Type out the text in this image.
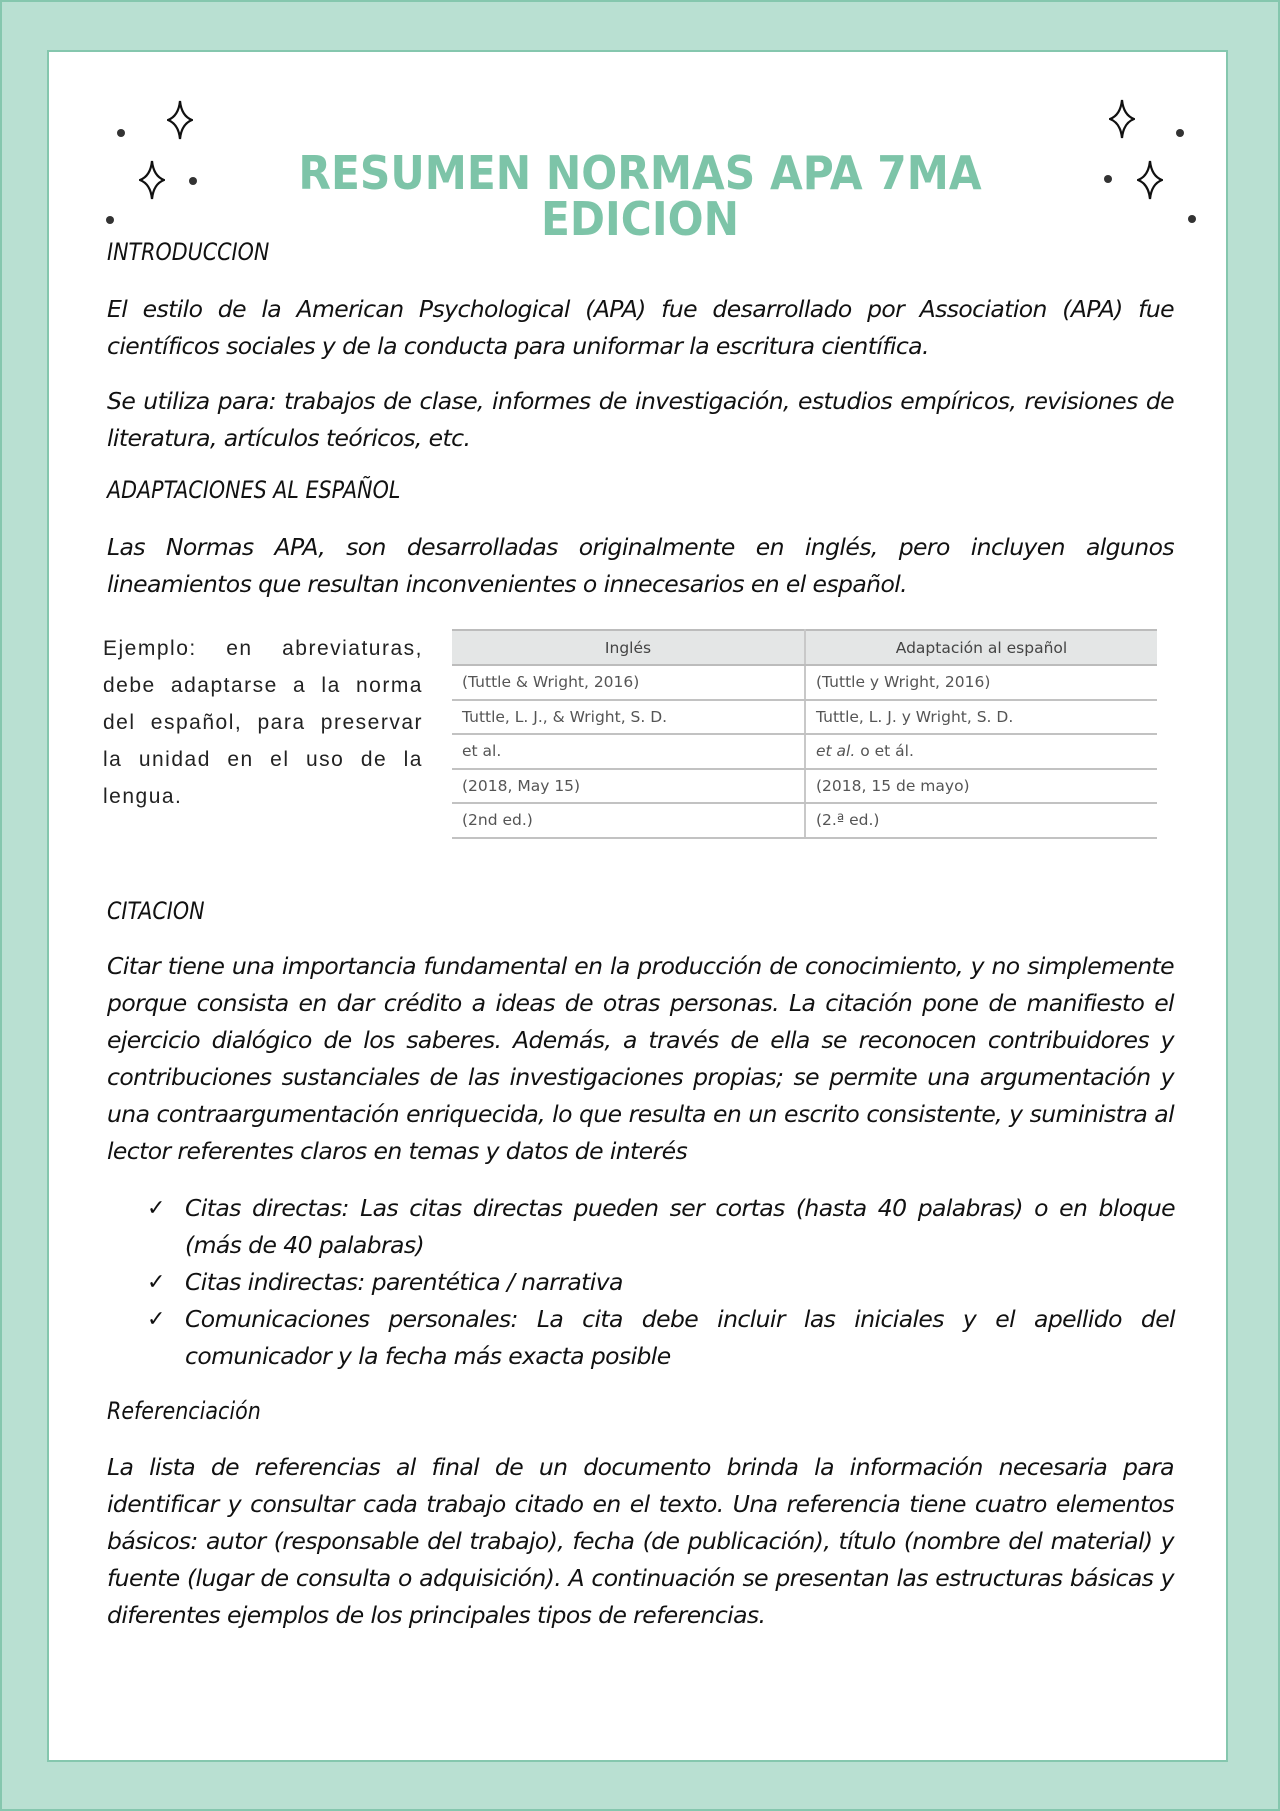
RESUMEN NORMAS APA 7MA EDICION
INTRODUCCION

El estilo de la American Psychological (APA) fue desarrollado por Association (APA) fue científicos sociales y de la conducta para uniformar la escritura científica.

Se utiliza para: trabajos de clase, informes de investigación, estudios empíricos, revisiones de literatura, artículos teóricos, etc.

ADAPTACIONES AL ESPAÑOL

Las Normas APA, son desarrolladas originalmente en inglés, pero incluyen algunos lineamientos que resultan inconvenientes o innecesarios en el español.

Ejemplo: en abreviaturas, debe adaptarse a la norma del español, para preservar la unidad en el uso de la lengua.

Inglés	Adaptación al español
(Tuttle & Wright, 2016)	(Tuttle y Wright, 2016)
Tuttle, L. J., & Wright, S. D.	Tuttle, L. J. y Wright, S. D.
et al.	et al. o et ál.
(2018, May 15)	(2018, 15 de mayo)
(2nd ed.)	(2.ª ed.)
CITACION

Citar tiene una importancia fundamental en la producción de conocimiento, y no simplemente porque consista en dar crédito a ideas de otras personas. La citación pone de manifiesto el ejercicio dialógico de los saberes. Además, a través de ella se reconocen contribuidores y contribuciones sustanciales de las investigaciones propias; se permite una argumentación y una contraargumentación enriquecida, lo que resulta en un escrito consistente, y suministra al lector referentes claros en temas y datos de interés

✓ Citas directas: Las citas directas pueden ser cortas (hasta 40 palabras) o en bloque (más de 40 palabras)
✓ Citas indirectas: parentética / narrativa
✓ Comunicaciones personales: La cita debe incluir las iniciales y el apellido del comunicador y la fecha más exacta posible
Referenciación

La lista de referencias al final de un documento brinda la información necesaria para identificar y consultar cada trabajo citado en el texto. Una referencia tiene cuatro elementos básicos: autor (responsable del trabajo), fecha (de publicación), título (nombre del material) y fuente (lugar de consulta o adquisición). A continuación se presentan las estructuras básicas y diferentes ejemplos de los principales tipos de referencias.
